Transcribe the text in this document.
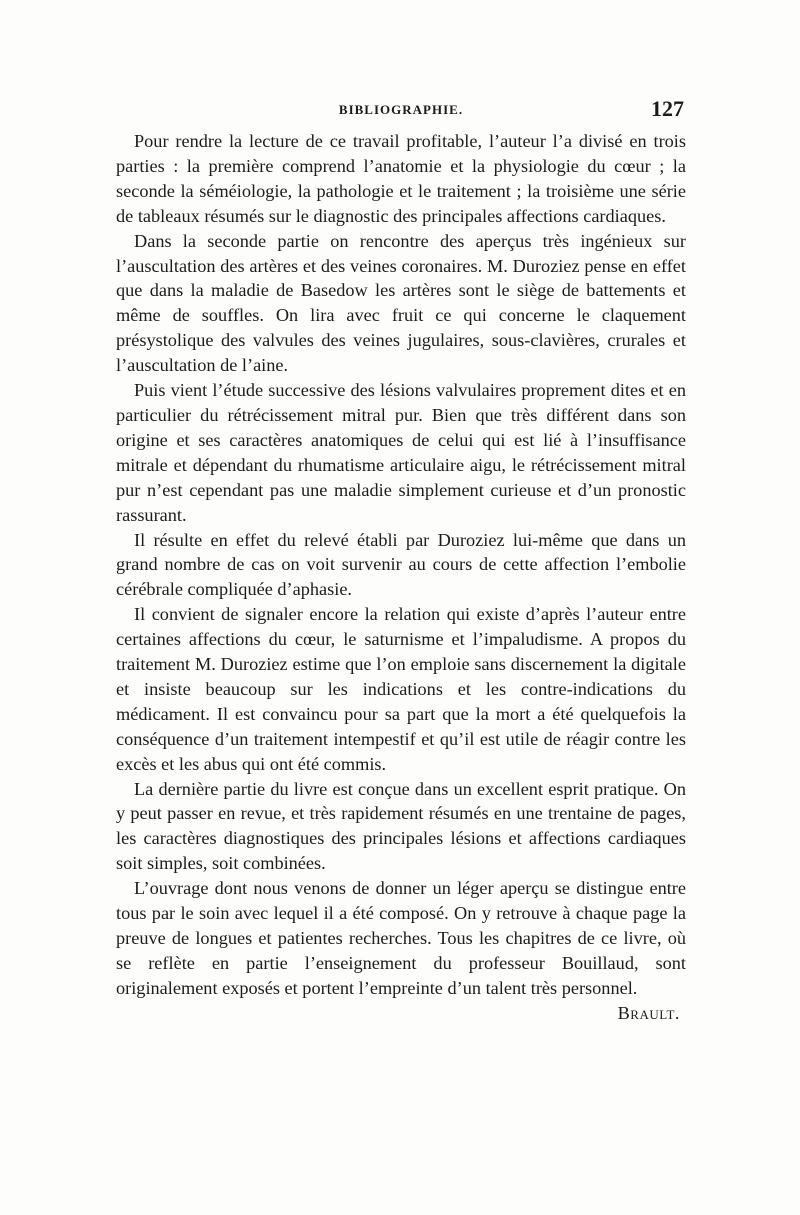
BIBLIOGRAPHIE.	127

Pour rendre la lecture de ce travail profitable, l’auteur l’a divisé en trois parties : la première comprend l’anatomie et la physiologie du cœur ; la seconde la séméiologie, la pathologie et le traitement ; la troisième une série de tableaux résumés sur le diagnostic des principales affections cardiaques.

Dans la seconde partie on rencontre des aperçus très ingénieux sur l’auscultation des artères et des veines coronaires. M. Duroziez pense en effet que dans la maladie de Basedow les artères sont le siège de battements et même de souffles. On lira avec fruit ce qui concerne le claquement présystolique des valvules des veines jugulaires, sous-clavières, crurales et l’auscultation de l’aine.

Puis vient l’étude successive des lésions valvulaires proprement dites et en particulier du rétrécissement mitral pur. Bien que très différent dans son origine et ses caractères anatomiques de celui qui est lié à l’insuffisance mitrale et dépendant du rhumatisme articulaire aigu, le rétrécissement mitral pur n’est cependant pas une maladie simplement curieuse et d’un pronostic rassurant.

Il résulte en effet du relevé établi par Duroziez lui-même que dans un grand nombre de cas on voit survenir au cours de cette affection l’embolie cérébrale compliquée d’aphasie.

Il convient de signaler encore la relation qui existe d’après l’auteur entre certaines affections du cœur, le saturnisme et l’impaludisme. A propos du traitement M. Duroziez estime que l’on emploie sans discernement la digitale et insiste beaucoup sur les indications et les contre-indications du médicament. Il est convaincu pour sa part que la mort a été quelquefois la conséquence d’un traitement intempestif et qu’il est utile de réagir contre les excès et les abus qui ont été commis.

La dernière partie du livre est conçue dans un excellent esprit pratique. On y peut passer en revue, et très rapidement résumés en une trentaine de pages, les caractères diagnostiques des principales lésions et affections cardiaques soit simples, soit combinées.

L’ouvrage dont nous venons de donner un léger aperçu se distingue entre tous par le soin avec lequel il a été composé. On y retrouve à chaque page la preuve de longues et patientes recherches. Tous les chapitres de ce livre, où se reflète en partie l’enseignement du professeur Bouillaud, sont originalement exposés et portent l’empreinte d’un talent très personnel.
Brault.
